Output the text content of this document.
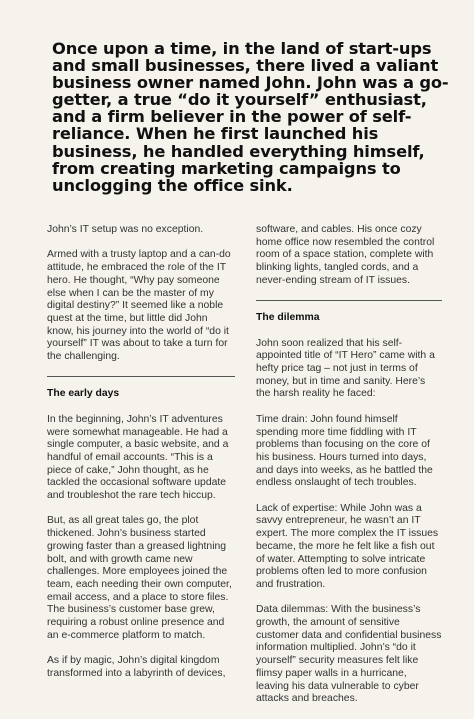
Once upon a time, in the land of start-ups and small businesses, there lived a valiant business owner named John. John was a go-getter, a true “do it yourself” enthusiast, and a firm believer in the power of self-reliance. When he first launched his business, he handled everything himself, from creating marketing campaigns to unclogging the office sink.

John’s IT setup was no exception.

Armed with a trusty laptop and a can-do attitude, he embraced the role of the IT hero. He thought, “Why pay someone else when I can be the master of my digital destiny?” It seemed like a noble quest at the time, but little did John know, his journey into the world of “do it yourself” IT was about to take a turn for the challenging.

The early days

In the beginning, John’s IT adventures were somewhat manageable. He had a single computer, a basic website, and a handful of email accounts. “This is a piece of cake,” John thought, as he tackled the occasional software update and troubleshot the rare tech hiccup.

But, as all great tales go, the plot thickened. John’s business started growing faster than a greased lightning bolt, and with growth came new challenges. More employees joined the team, each needing their own computer, email access, and a place to store files. The business’s customer base grew, requiring a robust online presence and an e-commerce platform to match.

As if by magic, John’s digital kingdom transformed into a labyrinth of devices,

software, and cables. His once cozy home office now resembled the control room of a space station, complete with blinking lights, tangled cords, and a never-ending stream of IT issues.

The dilemma

John soon realized that his self-appointed title of “IT Hero” came with a hefty price tag – not just in terms of money, but in time and sanity. Here’s the harsh reality he faced:

Time drain: John found himself spending more time fiddling with IT problems than focusing on the core of his business. Hours turned into days, and days into weeks, as he battled the endless onslaught of tech troubles.

Lack of expertise: While John was a savvy entrepreneur, he wasn’t an IT expert. The more complex the IT issues became, the more he felt like a fish out of water. Attempting to solve intricate problems often led to more confusion and frustration.

Data dilemmas: With the business’s growth, the amount of sensitive customer data and confidential business information multiplied. John’s “do it yourself” security measures felt like flimsy paper walls in a hurricane, leaving his data vulnerable to cyber attacks and breaches.
